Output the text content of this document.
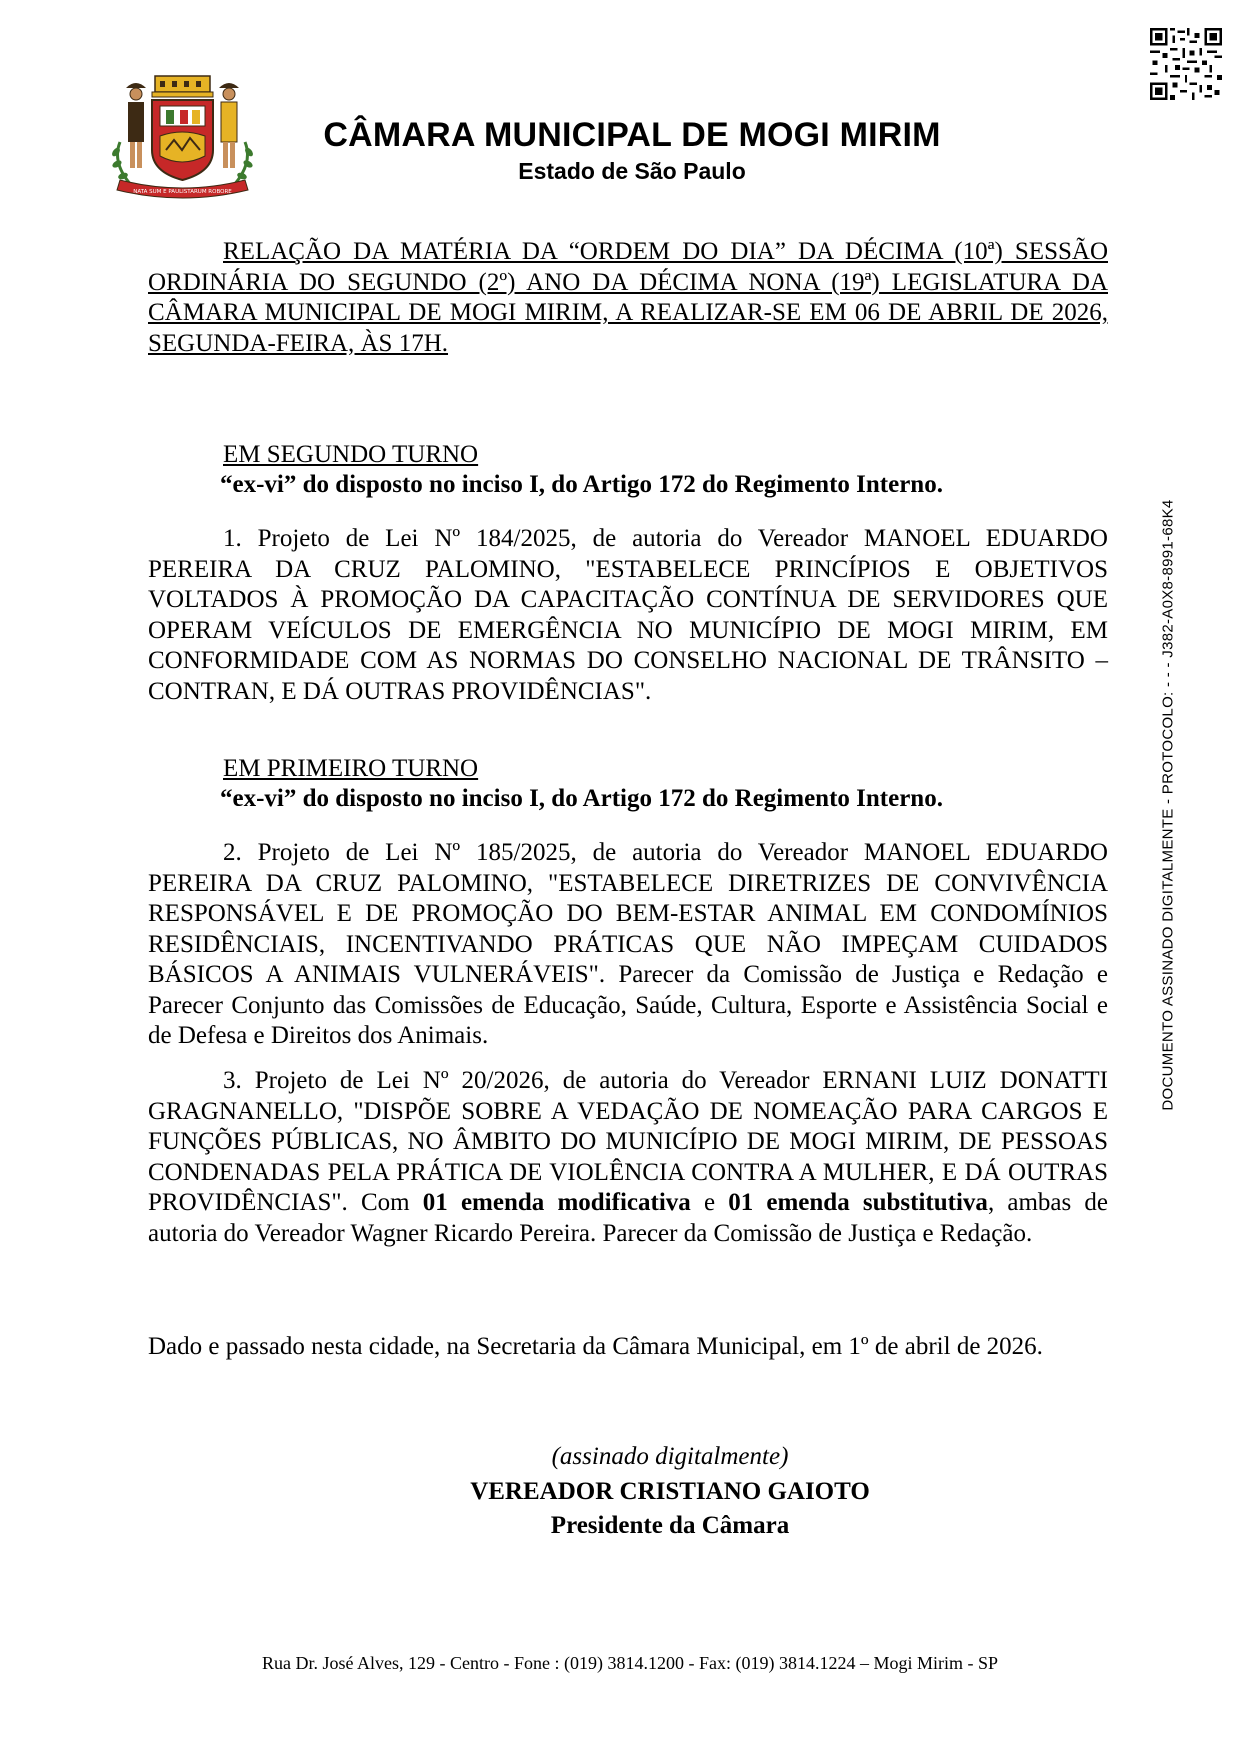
NATA SUM E PAULISTARUM ROBORE
CÂMARA MUNICIPAL DE MOGI MIRIM
Estado de São Paulo
RELAÇÃO DA MATÉRIA DA “ORDEM DO DIA” DA DÉCIMA (10ª) SESSÃO ORDINÁRIA DO SEGUNDO (2º) ANO DA DÉCIMA NONA (19ª) LEGISLATURA DA CÂMARA MUNICIPAL DE MOGI MIRIM, A REALIZAR-SE EM 06 DE ABRIL DE 2026, SEGUNDA-FEIRA, ÀS 17H.
EM SEGUNDO TURNO
“ex-vi” do disposto no inciso I, do Artigo 172 do Regimento Interno.
1. Projeto de Lei Nº 184/2025, de autoria do Vereador MANOEL EDUARDO PEREIRA DA CRUZ PALOMINO, "ESTABELECE PRINCÍPIOS E OBJETIVOS VOLTADOS À PROMOÇÃO DA CAPACITAÇÃO CONTÍNUA DE SERVIDORES QUE OPERAM VEÍCULOS DE EMERGÊNCIA NO MUNICÍPIO DE MOGI MIRIM, EM CONFORMIDADE COM AS NORMAS DO CONSELHO NACIONAL DE TRÂNSITO – CONTRAN, E DÁ OUTRAS PROVIDÊNCIAS".
EM PRIMEIRO TURNO
“ex-vi” do disposto no inciso I, do Artigo 172 do Regimento Interno.
2. Projeto de Lei Nº 185/2025, de autoria do Vereador MANOEL EDUARDO PEREIRA DA CRUZ PALOMINO, "ESTABELECE DIRETRIZES DE CONVIVÊNCIA RESPONSÁVEL E DE PROMOÇÃO DO BEM-ESTAR ANIMAL EM CONDOMÍNIOS RESIDÊNCIAIS, INCENTIVANDO PRÁTICAS QUE NÃO IMPEÇAM CUIDADOS BÁSICOS A ANIMAIS VULNERÁVEIS". Parecer da Comissão de Justiça e Redação e Parecer Conjunto das Comissões de Educação, Saúde, Cultura, Esporte e Assistência Social e de Defesa e Direitos dos Animais.
3. Projeto de Lei Nº 20/2026, de autoria do Vereador ERNANI LUIZ DONATTI GRAGNANELLO, "DISPÕE SOBRE A VEDAÇÃO DE NOMEAÇÃO PARA CARGOS E FUNÇÕES PÚBLICAS, NO ÂMBITO DO MUNICÍPIO DE MOGI MIRIM, DE PESSOAS CONDENADAS PELA PRÁTICA DE VIOLÊNCIA CONTRA A MULHER, E DÁ OUTRAS PROVIDÊNCIAS". Com 01 emenda modificativa e 01 emenda substitutiva, ambas de autoria do Vereador Wagner Ricardo Pereira. Parecer da Comissão de Justiça e Redação.
Dado e passado nesta cidade, na Secretaria da Câmara Municipal, em 1º de abril de 2026.
(assinado digitalmente)
VEREADOR CRISTIANO GAIOTO
Presidente da Câmara
Rua Dr. José Alves, 129 - Centro - Fone : (019) 3814.1200 - Fax: (019) 3814.1224 – Mogi Mirim - SP
DOCUMENTO ASSINADO DIGITALMENTE - PROTOCOLO: - - - J382-A0X8-8991-68K4
